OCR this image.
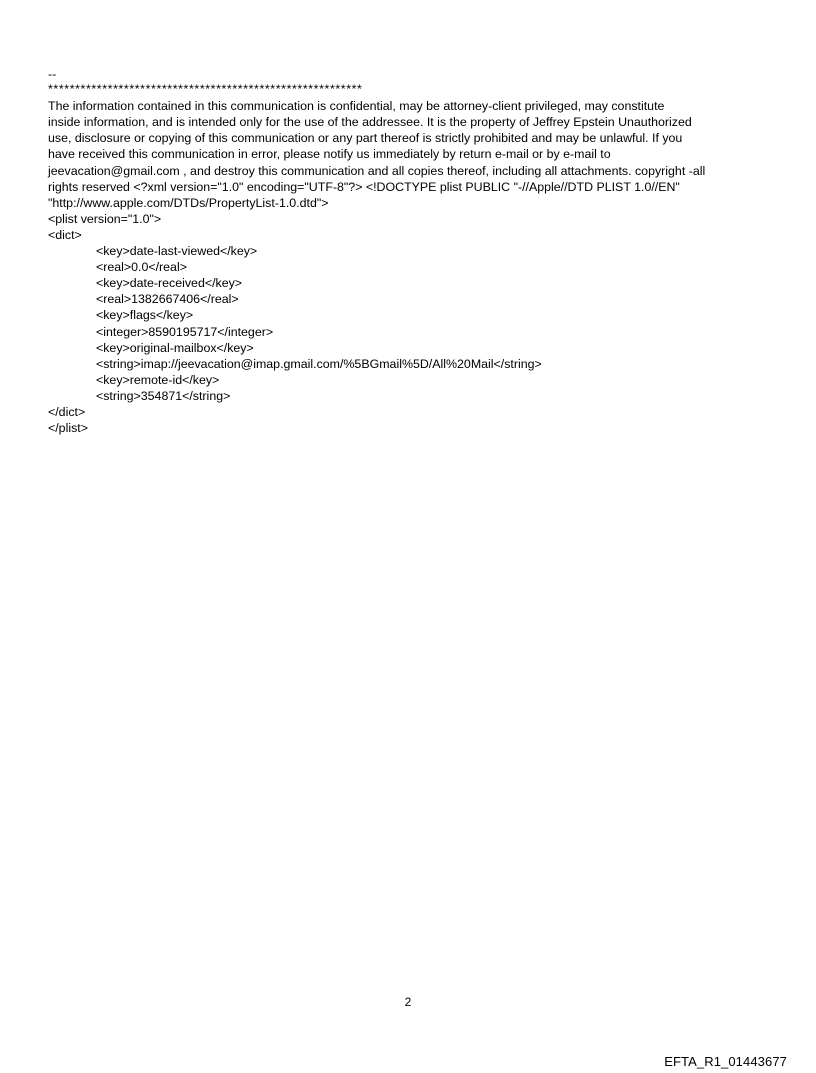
--
**********************************************************
The information contained in this communication is confidential, may be attorney-client privileged, may constitute
inside information, and is intended only for the use of the addressee. It is the property of Jeffrey Epstein Unauthorized
use, disclosure or copying of this communication or any part thereof is strictly prohibited and may be unlawful. If you
have received this communication in error, please notify us immediately by return e-mail or by e-mail to
jeevacation@gmail.com , and destroy this communication and all copies thereof, including all attachments. copyright -all
rights reserved <?xml version="1.0" encoding="UTF-8"?> <!DOCTYPE plist PUBLIC "-//Apple//DTD PLIST 1.0//EN"
"http://www.apple.com/DTDs/PropertyList-1.0.dtd">
<plist version="1.0">
<dict>
<key>date-last-viewed</key>
<real>0.0</real>
<key>date-received</key>
<real>1382667406</real>
<key>flags</key>
<integer>8590195717</integer>
<key>original-mailbox</key>
<string>imap://jeevacation@imap.gmail.com/%5BGmail%5D/All%20Mail</string>
<key>remote-id</key>
<string>354871</string>
</dict>
</plist>
2
EFTA_R1_01443677
